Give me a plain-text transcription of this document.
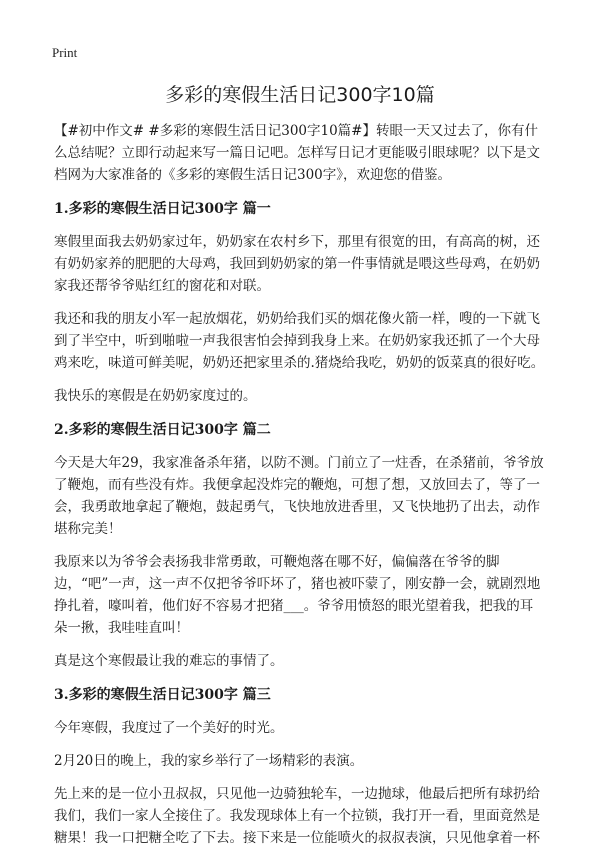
Print
多彩的寒假生活日记300字10篇

【#初中作文# #多彩的寒假生活日记300字10篇#】转眼一天又过去了，你有什么总结呢？立即行动起来写一篇日记吧。怎样写日记才更能吸引眼球呢？以下是文档网为大家准备的《多彩的寒假生活日记300字》，欢迎您的借鉴。

1.多彩的寒假生活日记300字 篇一

寒假里面我去奶奶家过年，奶奶家在农村乡下，那里有很宽的田，有高高的树，还有奶奶家养的肥肥的大母鸡，我回到奶奶家的第一件事情就是喂这些母鸡，在奶奶家我还帮爷爷贴红红的窗花和对联。

我还和我的朋友小军一起放烟花，奶奶给我们买的烟花像火箭一样，嗖的一下就飞到了半空中，听到啪啦一声我很害怕会掉到我身上来。在奶奶家我还抓了一个大母鸡来吃，味道可鲜美呢，奶奶还把家里杀的.猪烧给我吃，奶奶的饭菜真的很好吃。

我快乐的寒假是在奶奶家度过的。

2.多彩的寒假生活日记300字 篇二

今天是大年29，我家准备杀年猪，以防不测。门前立了一炷香，在杀猪前，爷爷放了鞭炮，而有些没有炸。我便拿起没炸完的鞭炮，可想了想，又放回去了，等了一会，我勇敢地拿起了鞭炮，鼓起勇气，飞快地放进香里，又飞快地扔了出去，动作堪称完美！

我原来以为爷爷会表扬我非常勇敢，可鞭炮落在哪不好，偏偏落在爷爷的脚边，“吧”一声，这一声不仅把爷爷吓坏了，猪也被吓蒙了，刚安静一会，就剧烈地挣扎着，嚎叫着，他们好不容易才把猪___。爷爷用愤怒的眼光望着我，把我的耳朵一揪，我哇哇直叫！

真是这个寒假最让我的难忘的事情了。

3.多彩的寒假生活日记300字 篇三

今年寒假，我度过了一个美好的时光。

2月20日的晚上，我的家乡举行了一场精彩的表演。

先上来的是一位小丑叔叔，只见他一边骑独轮车，一边抛球，他最后把所有球扔给我们，我们一家人全接住了。我发现球体上有一个拉锁，我打开一看，里面竟然是糖果！我一口把糖全吃了下去。接下来是一位能喷火的叔叔表演，只见他拿着一杯
